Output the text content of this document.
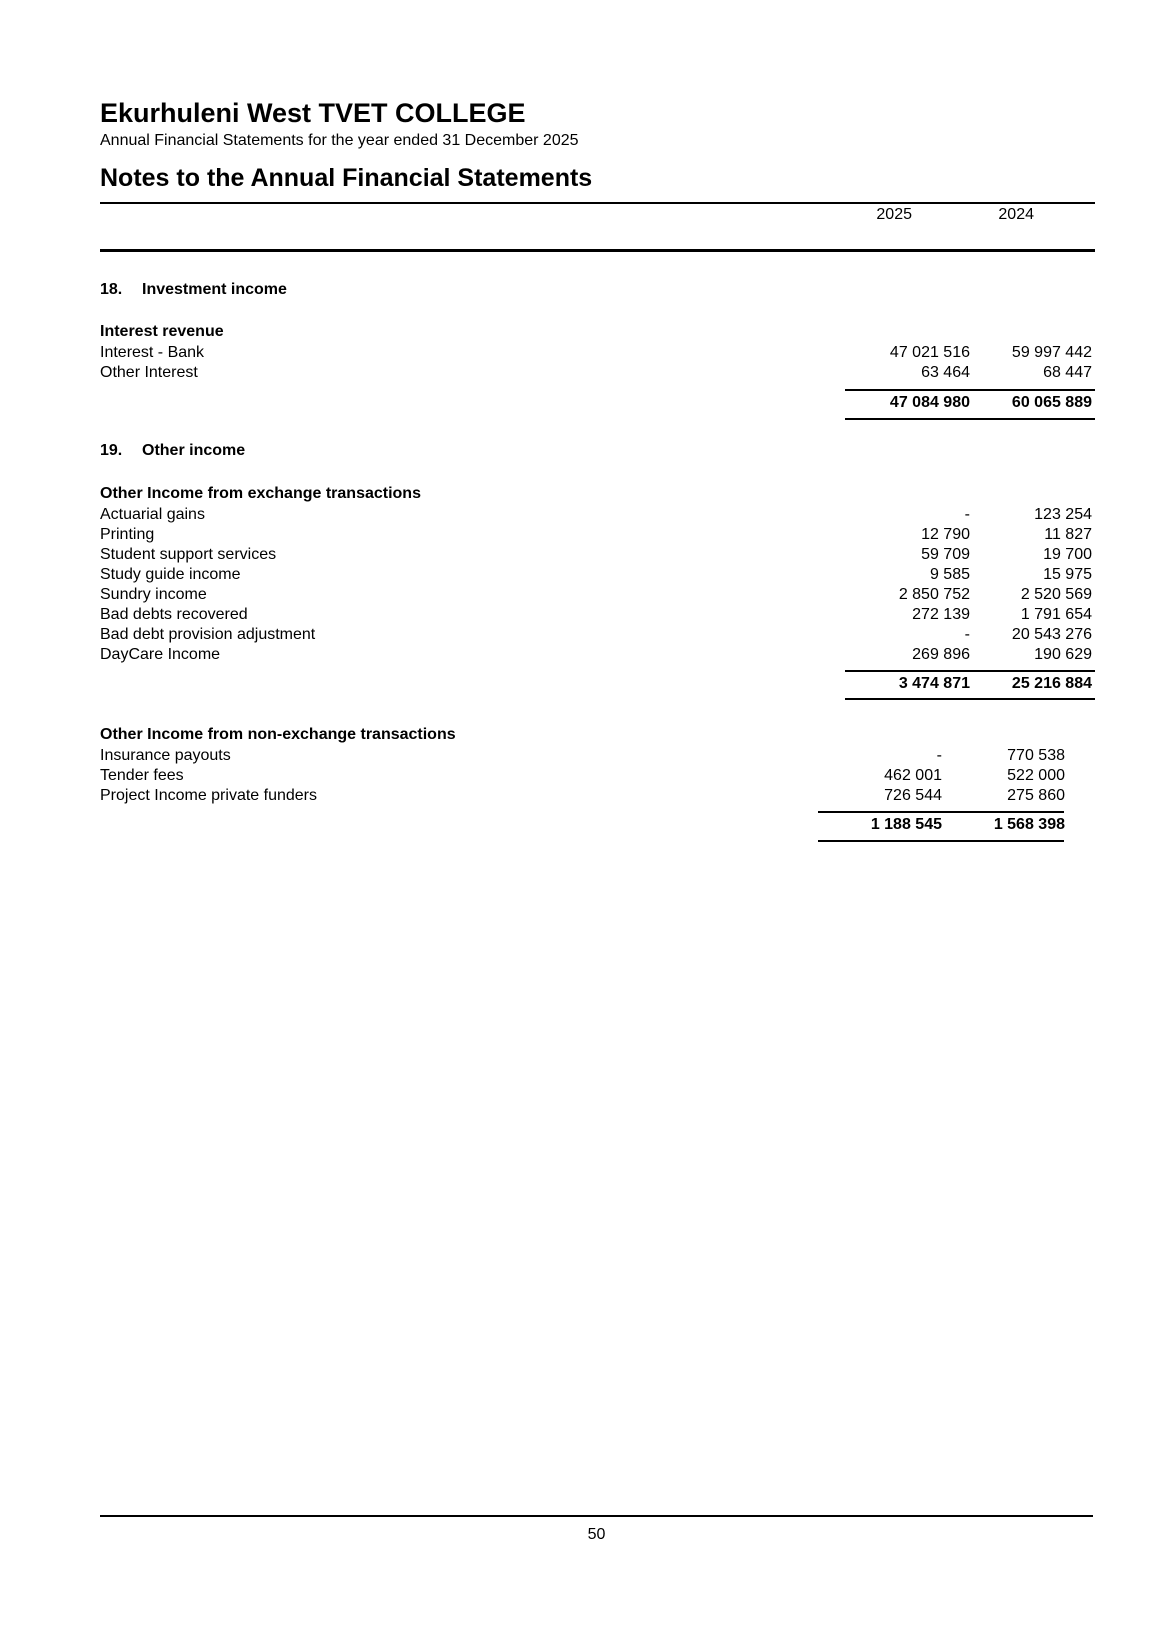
Ekurhuleni West TVET COLLEGE
Annual Financial Statements for the year ended 31 December 2025
Notes to the Annual Financial Statements
2025	2024
18. Investment income
Interest revenue
Interest - Bank	47 021 516	59 997 442
Other Interest	63 464	68 447
47 084 980	60 065 889
19. Other income
Other Income from exchange transactions
Actuarial gains	-	123 254
Printing	12 790	11 827
Student support services	59 709	19 700
Study guide income	9 585	15 975
Sundry income	2 850 752	2 520 569
Bad debts recovered	272 139	1 791 654
Bad debt provision adjustment	-	20 543 276
DayCare Income	269 896	190 629
3 474 871	25 216 884
Other Income from non-exchange transactions
Insurance payouts	-	770 538
Tender fees	462 001	522 000
Project Income private funders	726 544	275 860
1 188 545	1 568 398
50
